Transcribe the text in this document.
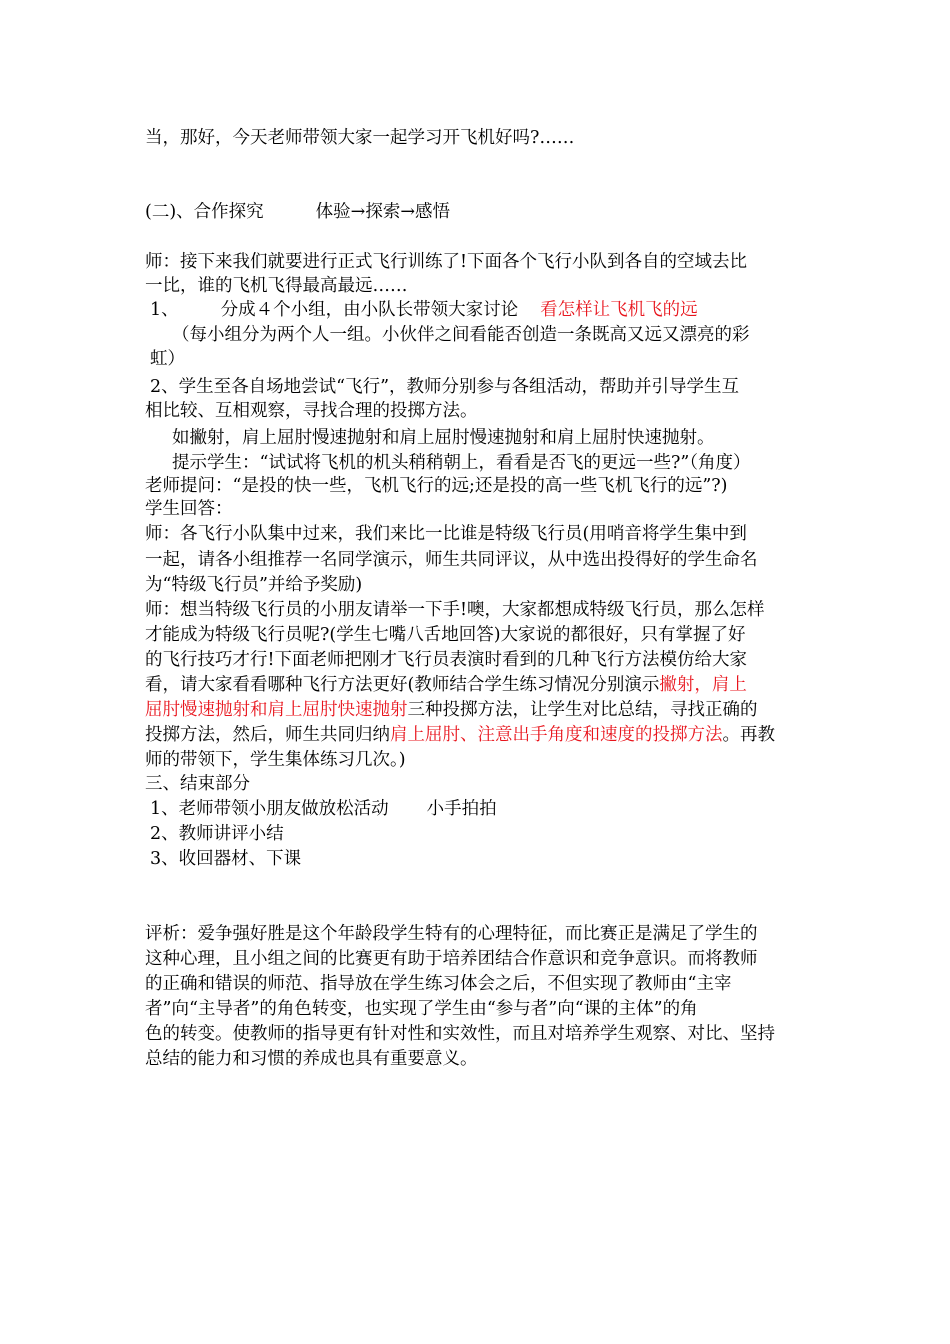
当，那好，今天老师带领大家一起学习开飞机好吗?……
(二)、合作探究	体验→探索→感悟
师：接下来我们就要进行正式飞行训练了!下面各个飞行小队到各自的空域去比
一比，谁的飞机飞得最高最远……
1、 分成４个小组，由小队长带领大家讨论 看怎样让飞机飞的远
（每小组分为两个人一组。小伙伴之间看能否创造一条既高又远又漂亮的彩
虹）
2、学生至各自场地尝试“飞行”，教师分别参与各组活动，帮助并引导学生互
相比较、互相观察，寻找合理的投掷方法。
如撇射，肩上屈肘慢速抛射和肩上屈肘慢速抛射和肩上屈肘快速抛射。
提示学生：“试试将飞机的机头稍稍朝上，看看是否飞的更远一些?”（角度）
老师提问：“是投的快一些，飞机飞行的远;还是投的高一些飞机飞行的远”?)
学生回答：
师：各飞行小队集中过来，我们来比一比谁是特级飞行员(用哨音将学生集中到
一起，请各小组推荐一名同学演示，师生共同评议，从中选出投得好的学生命名
为“特级飞行员”并给予奖励)
师：想当特级飞行员的小朋友请举一下手!噢，大家都想成特级飞行员，那么怎样
才能成为特级飞行员呢?(学生七嘴八舌地回答)大家说的都很好，只有掌握了好
的飞行技巧才行!下面老师把刚才飞行员表演时看到的几种飞行方法模仿给大家
看，请大家看看哪种飞行方法更好(教师结合学生练习情况分别演示撇射，肩上
屈肘慢速抛射和肩上屈肘快速抛射三种投掷方法，让学生对比总结，寻找正确的
投掷方法，然后，师生共同归纳肩上屈肘、注意出手角度和速度的投掷方法。再教
师的带领下，学生集体练习几次。)
三、结束部分
1、老师带领小朋友做放松活动 小手拍拍
2、教师讲评小结
3、收回器材、下课
评析：爱争强好胜是这个年龄段学生特有的心理特征，而比赛正是满足了学生的
这种心理，且小组之间的比赛更有助于培养团结合作意识和竞争意识。而将教师
的正确和错误的师范、指导放在学生练习体会之后，不但实现了教师由“主宰
者”向“主导者”的角色转变，也实现了学生由“参与者”向“课的主体”的角
色的转变。使教师的指导更有针对性和实效性，而且对培养学生观察、对比、坚持
总结的能力和习惯的养成也具有重要意义。
